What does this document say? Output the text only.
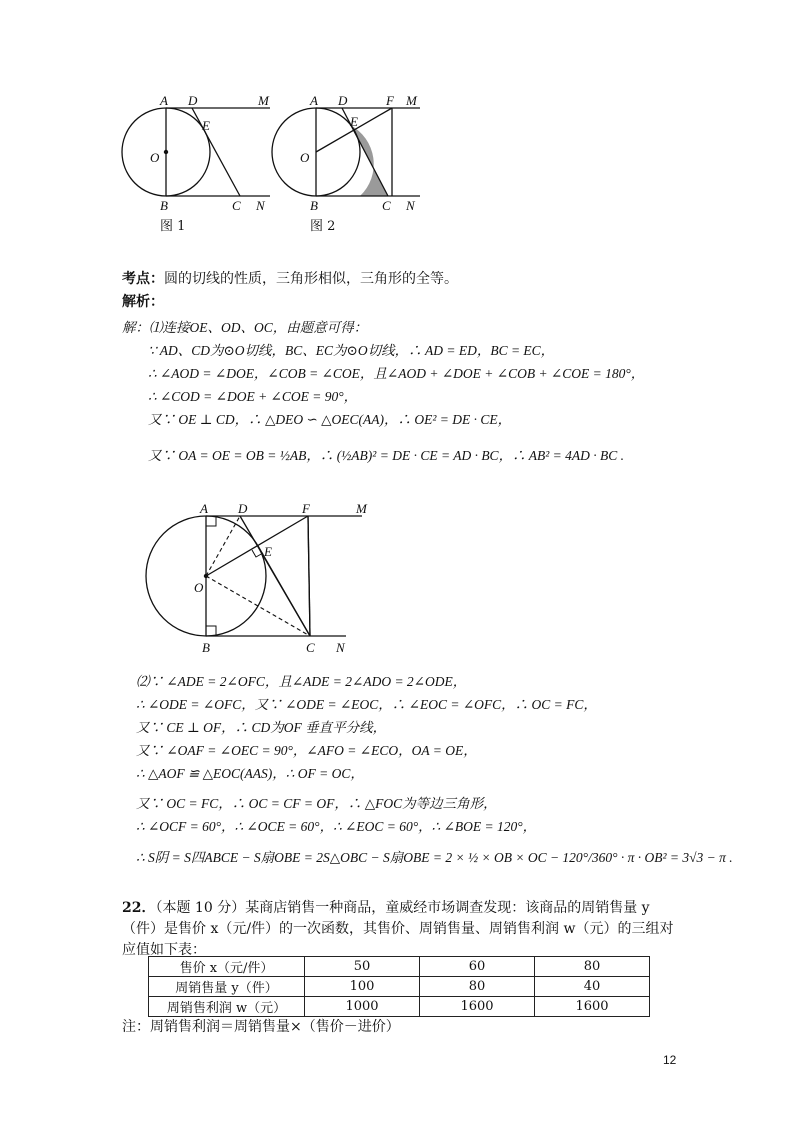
A D	M
E
O
B	C N
图 1
A D	F M
E
O
B	C N
图 2
考点：圆的切线的性质，三角形相似，三角形的全等。
解析：
解：⑴连接OE、OD、OC，由题意可得：
∵ AD、CD为⊙O切线，BC、EC为⊙O切线，∴ AD = ED，BC = EC，
∴ ∠AOD = ∠DOE，∠COB = ∠COE，且∠AOD + ∠DOE + ∠COB + ∠COE = 180°，
∴ ∠COD = ∠DOE + ∠COE = 90°，
又∵ OE ⊥ CD，∴ △DEO ∽ △OEC(AA)，∴ OE² = DE · CE，
又∵ OA = OE = OB = ½AB，∴ (½AB)² = DE · CE = AD · BC，∴ AB² = 4AD · BC .
A D	F	M
E
O
B	C N
⑵∵ ∠ADE = 2∠OFC，且∠ADE = 2∠ADO = 2∠ODE，
∴ ∠ODE = ∠OFC，又∵ ∠ODE = ∠EOC，∴ ∠EOC = ∠OFC，∴ OC = FC，
又∵ CE ⊥ OF，∴ CD为OF 垂直平分线，
又∵ ∠OAF = ∠OEC = 90°，∠AFO = ∠ECO，OA = OE，
∴ △AOF ≌ △EOC(AAS)，∴ OF = OC，
又∵ OC = FC，∴ OC = CF = OF，∴ △FOC为等边三角形，
∴ ∠OCF = 60°，∴ ∠OCE = 60°，∴ ∠EOC = 60°，∴ ∠BOE = 120°，
∴ S阴 = S四ABCE − S扇OBE = 2S△OBC − S扇OBE = 2 × ½ × OB × OC − 120°/360° · π · OB² = 3√3 − π .
22．（本题 10 分）某商店销售一种商品，童威经市场调查发现：该商品的周销售量 y
（件）是售价 x（元/件）的一次函数，其售价、周销售量、周销售利润 w（元）的三组对
应值如下表：
售价 x（元/件）	50	60	80
周销售量 y（件）	100	80	40
周销售利润 w（元）	1000	1600	1600
注：周销售利润＝周销售量×（售价－进价）
12
